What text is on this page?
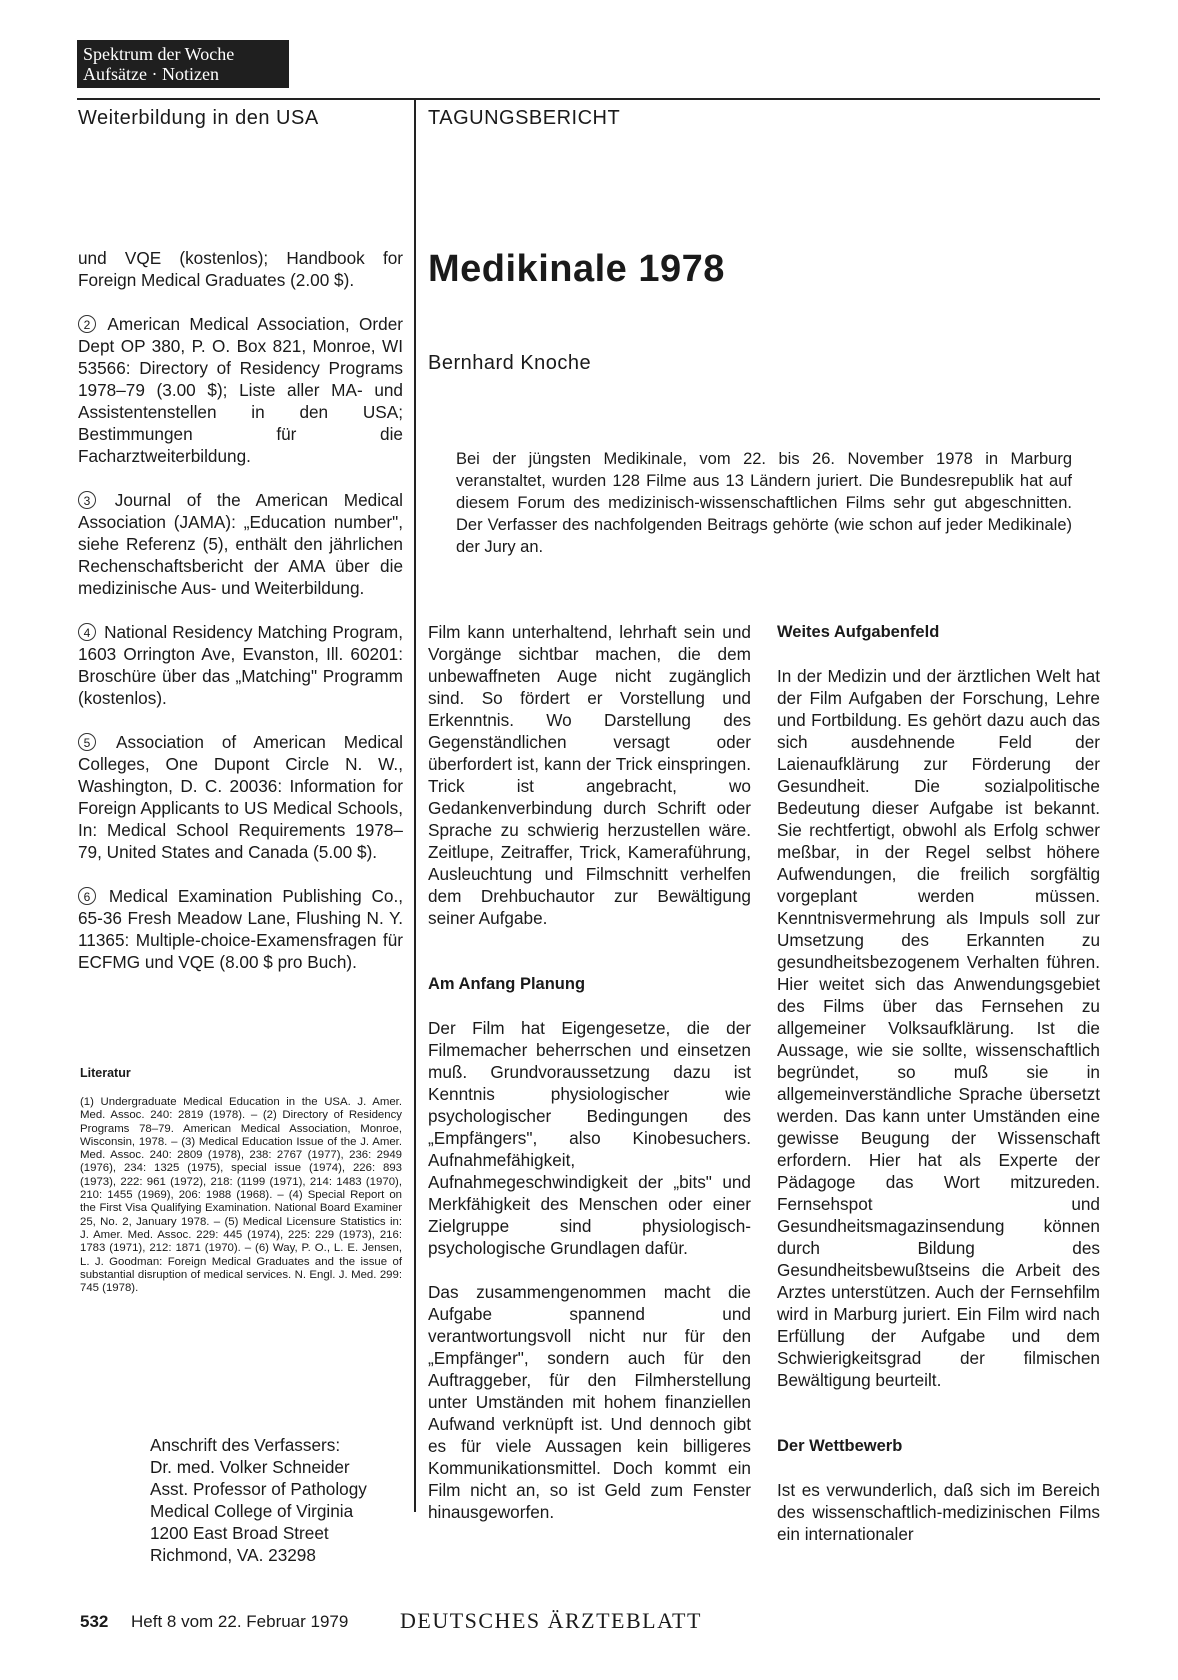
Spektrum der Woche
Aufsätze · Notizen
Weiterbildung in den USA	TAGUNGSBERICHT
Medikinale 1978
Bernhard Knoche
Bei der jüngsten Medikinale, vom 22. bis 26. November 1978 in Marburg veranstaltet, wurden 128 Filme aus 13 Ländern juriert. Die Bundesrepublik hat auf diesem Forum des medizinisch-wissenschaftlichen Films sehr gut abgeschnitten. Der Verfasser des nachfolgenden Beitrags gehörte (wie schon auf jeder Medikinale) der Jury an.

und VQE (kostenlos); Handbook for Foreign Medical Graduates (2.00 $).

2 American Medical Association, Order Dept OP 380, P. O. Box 821, Monroe, WI 53566: Directory of Residency Programs 1978–79 (3.00 $); Liste aller MA- und Assistentenstellen in den USA; Bestimmungen für die Facharztweiterbildung.

3 Journal of the American Medical Association (JAMA): „Education number", siehe Referenz (5), enthält den jährlichen Rechenschaftsbericht der AMA über die medizinische Aus- und Weiterbildung.

4 National Residency Matching Program, 1603 Orrington Ave, Evanston, Ill. 60201: Broschüre über das „Matching" Programm (kostenlos).

5 Association of American Medical Colleges, One Dupont Circle N. W., Washington, D. C. 20036: Information for Foreign Applicants to US Medical Schools, In: Medical School Requirements 1978–79, United States and Canada (5.00 $).

6 Medical Examination Publishing Co., 65-36 Fresh Meadow Lane, Flushing N. Y. 11365: Multiple-choice-Examensfragen für ECFMG und VQE (8.00 $ pro Buch).

Literatur
(1) Undergraduate Medical Education in the USA. J. Amer. Med. Assoc. 240: 2819 (1978). – (2) Directory of Residency Programs 78–79. American Medical Association, Monroe, Wisconsin, 1978. – (3) Medical Education Issue of the J. Amer. Med. Assoc. 240: 2809 (1978), 238: 2767 (1977), 236: 2949 (1976), 234: 1325 (1975), special issue (1974), 226: 893 (1973), 222: 961 (1972), 218: (1199 (1971), 214: 1483 (1970), 210: 1455 (1969), 206: 1988 (1968). – (4) Special Report on the First Visa Qualifying Examination. National Board Examiner 25, No. 2, January 1978. – (5) Medical Licensure Statistics in: J. Amer. Med. Assoc. 229: 445 (1974), 225: 229 (1973), 216: 1783 (1971), 212: 1871 (1970). – (6) Way, P. O., L. E. Jensen, L. J. Goodman: Foreign Medical Graduates and the issue of substantial disruption of medical services. N. Engl. J. Med. 299: 745 (1978).
Anschrift des Verfassers:
Dr. med. Volker Schneider
Asst. Professor of Pathology
Medical College of Virginia
1200 East Broad Street
Richmond, VA. 23298

Film kann unterhaltend, lehrhaft sein und Vorgänge sichtbar machen, die dem unbewaffneten Auge nicht zugänglich sind. So fördert er Vorstellung und Erkenntnis. Wo Darstellung des Gegenständlichen versagt oder überfordert ist, kann der Trick einspringen. Trick ist angebracht, wo Gedankenverbindung durch Schrift oder Sprache zu schwierig herzustellen wäre. Zeitlupe, Zeitraffer, Trick, Kameraführung, Ausleuchtung und Filmschnitt verhelfen dem Drehbuchautor zur Bewältigung seiner Aufgabe.

Am Anfang Planung

Der Film hat Eigengesetze, die der Filmemacher beherrschen und einsetzen muß. Grundvoraussetzung dazu ist Kenntnis physiologischer wie psychologischer Bedingungen des „Empfängers", also Kinobesuchers. Aufnahmefähigkeit, Aufnahmegeschwindigkeit der „bits" und Merkfähigkeit des Menschen oder einer Zielgruppe sind physiologisch-psychologische Grundlagen dafür.

Das zusammengenommen macht die Aufgabe spannend und verantwortungsvoll nicht nur für den „Empfänger", sondern auch für den Auftraggeber, für den Filmherstellung unter Umständen mit hohem finanziellen Aufwand verknüpft ist. Und dennoch gibt es für viele Aussagen kein billigeres Kommunikationsmittel. Doch kommt ein Film nicht an, so ist Geld zum Fenster hinausgeworfen.

Weites Aufgabenfeld

In der Medizin und der ärztlichen Welt hat der Film Aufgaben der Forschung, Lehre und Fortbildung. Es gehört dazu auch das sich ausdehnende Feld der Laienaufklärung zur Förderung der Gesundheit. Die sozialpolitische Bedeutung dieser Aufgabe ist bekannt. Sie rechtfertigt, obwohl als Erfolg schwer meßbar, in der Regel selbst höhere Aufwendungen, die freilich sorgfältig vorgeplant werden müssen. Kenntnisvermehrung als Impuls soll zur Umsetzung des Erkannten zu gesundheitsbezogenem Verhalten führen. Hier weitet sich das Anwendungsgebiet des Films über das Fernsehen zu allgemeiner Volksaufklärung. Ist die Aussage, wie sie sollte, wissenschaftlich begründet, so muß sie in allgemeinverständliche Sprache übersetzt werden. Das kann unter Umständen eine gewisse Beugung der Wissenschaft erfordern. Hier hat als Experte der Pädagoge das Wort mitzureden. Fernsehspot und Gesundheitsmagazinsendung können durch Bildung des Gesundheitsbewußtseins die Arbeit des Arztes unterstützen. Auch der Fernsehfilm wird in Marburg juriert. Ein Film wird nach Erfüllung der Aufgabe und dem Schwierigkeitsgrad der filmischen Bewältigung beurteilt.

Der Wettbewerb

Ist es verwunderlich, daß sich im Bereich des wissenschaftlich-medizinischen Films ein internationaler

532 Heft 8 vom 22. Februar 1979 DEUTSCHES ÄRZTEBLATT
